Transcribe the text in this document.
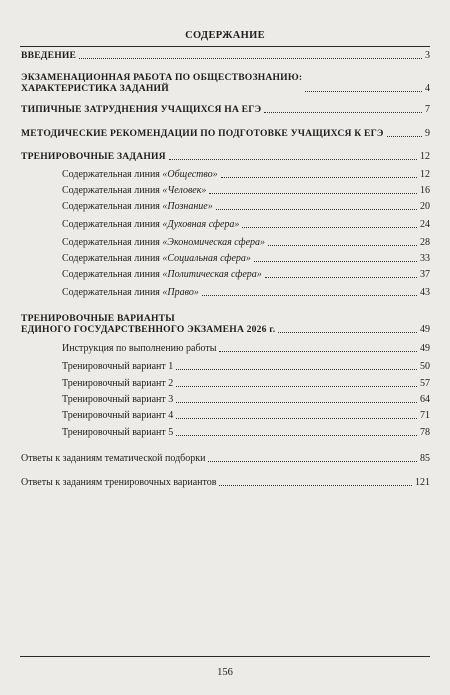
СОДЕРЖАНИЕ
ВВЕДЕНИЕ	3
ЭКЗАМЕНАЦИОННАЯ РАБОТА ПО ОБЩЕСТВОЗНАНИЮ:
ХАРАКТЕРИСТИКА ЗАДАНИЙ	4
ТИПИЧНЫЕ ЗАТРУДНЕНИЯ УЧАЩИХСЯ НА ЕГЭ	7
МЕТОДИЧЕСКИЕ РЕКОМЕНДАЦИИ ПО ПОДГОТОВКЕ УЧАЩИХСЯ К ЕГЭ	9
ТРЕНИРОВОЧНЫЕ ЗАДАНИЯ	12
Содержательная линия «Общество»	12
Содержательная линия «Человек»	16
Содержательная линия «Познание»	20
Содержательная линия «Духовная сфера»	24
Содержательная линия «Экономическая сфера»	28
Содержательная линия «Социальная сфера»	33
Содержательная линия «Политическая сфера»	37
Содержательная линия «Право»	43
ТРЕНИРОВОЧНЫЕ ВАРИАНТЫ
ЕДИНОГО ГОСУДАРСТВЕННОГО ЭКЗАМЕНА 2026 г.	49
Инструкция по выполнению работы	49
Тренировочный вариант 1	50
Тренировочный вариант 2	57
Тренировочный вариант 3	64
Тренировочный вариант 4	71
Тренировочный вариант 5	78
Ответы к заданиям тематической подборки	85
Ответы к заданиям тренировочных вариантов	121
156
